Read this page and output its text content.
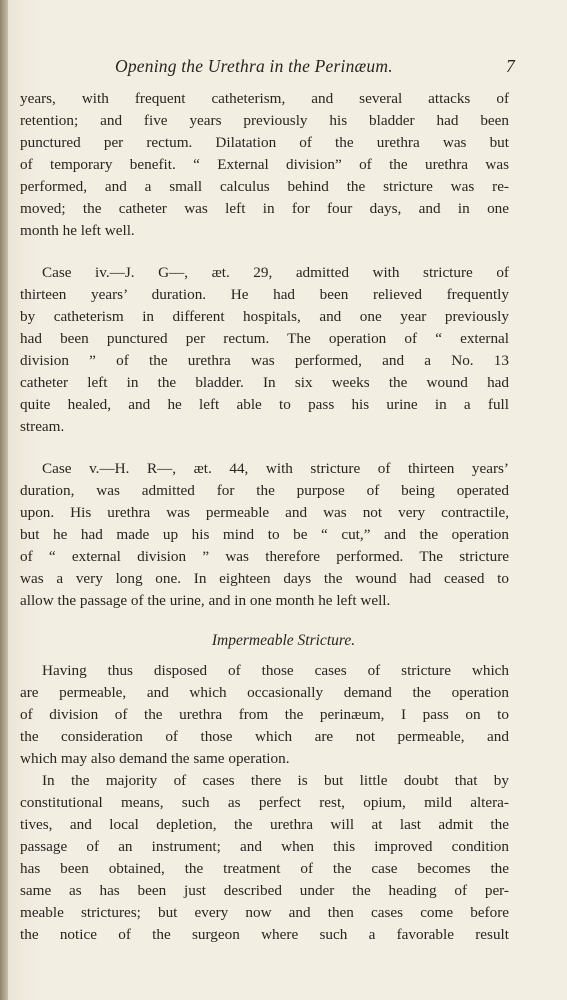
Opening the Urethra in the Perinæum.	7
years, with frequent catheterism, and several attacks of
retention; and five years previously his bladder had been
punctured per rectum. Dilatation of the urethra was but
of temporary benefit. “ External division” of the urethra was
performed, and a small calculus behind the stricture was re-
moved; the catheter was left in for four days, and in one
month he left well.
Case iv.—J. G—, æt. 29, admitted with stricture of
thirteen years’ duration. He had been relieved frequently
by catheterism in different hospitals, and one year previously
had been punctured per rectum. The operation of “ external
division ” of the urethra was performed, and a No. 13
catheter left in the bladder. In six weeks the wound had
quite healed, and he left able to pass his urine in a full
stream.
Case v.—H. R—, æt. 44, with stricture of thirteen years’
duration, was admitted for the purpose of being operated
upon. His urethra was permeable and was not very contractile,
but he had made up his mind to be “ cut,” and the operation
of “ external division ” was therefore performed. The stricture
was a very long one. In eighteen days the wound had ceased to
allow the passage of the urine, and in one month he left well.
Impermeable Stricture.
Having thus disposed of those cases of stricture which
are permeable, and which occasionally demand the operation
of division of the urethra from the perinæum, I pass on to
the consideration of those which are not permeable, and
which may also demand the same operation.
In the majority of cases there is but little doubt that by
constitutional means, such as perfect rest, opium, mild altera-
tives, and local depletion, the urethra will at last admit the
passage of an instrument; and when this improved condition
has been obtained, the treatment of the case becomes the
same as has been just described under the heading of per-
meable strictures; but every now and then cases come before
the notice of the surgeon where such a favorable result
